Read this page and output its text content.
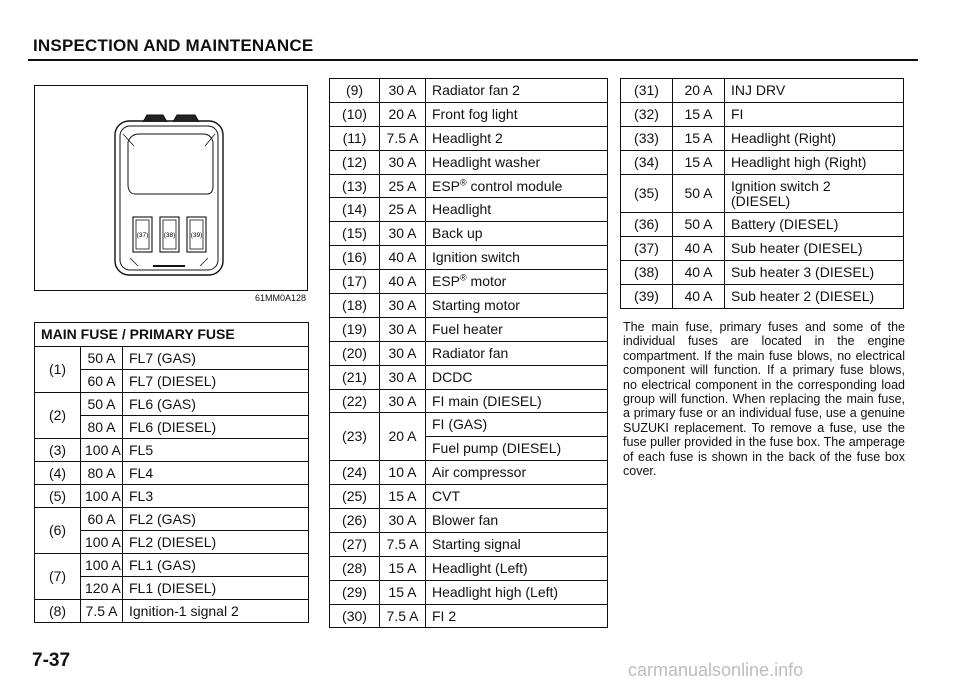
INSPECTION AND MAINTENANCE
(37) (38) (39)
61MM0A128
MAIN FUSE / PRIMARY FUSE		
(1)	50 A	FL7 (GAS)
	60 A	FL7 (DIESEL)
(2)	50 A	FL6 (GAS)
	80 A	FL6 (DIESEL)
(3)	100 A	FL5
(4)	80 A	FL4
(5)	100 A	FL3
(6)	60 A	FL2 (GAS)
	100 A	FL2 (DIESEL)
(7)	100 A	FL1 (GAS)
	120 A	FL1 (DIESEL)
(8)	7.5 A	Ignition-1 signal 2
(9)	30 A	Radiator fan 2
(10)	20 A	Front fog light
(11)	7.5 A	Headlight 2
(12)	30 A	Headlight washer
(13)	25 A	ESP® control module
(14)	25 A	Headlight
(15)	30 A	Back up
(16)	40 A	Ignition switch
(17)	40 A	ESP® motor
(18)	30 A	Starting motor
(19)	30 A	Fuel heater
(20)	30 A	Radiator fan
(21)	30 A	DCDC
(22)	30 A	FI main (DIESEL)
(23)	20 A	FI (GAS)
		Fuel pump (DIESEL)
(24)	10 A	Air compressor
(25)	15 A	CVT
(26)	30 A	Blower fan
(27)	7.5 A	Starting signal
(28)	15 A	Headlight (Left)
(29)	15 A	Headlight high (Left)
(30)	7.5 A	FI 2
(31)	20 A	INJ DRV
(32)	15 A	FI
(33)	15 A	Headlight (Right)
(34)	15 A	Headlight high (Right)
(35)	50 A	Ignition switch 2
(DIESEL)
(36)	50 A	Battery (DIESEL)
(37)	40 A	Sub heater (DIESEL)
(38)	40 A	Sub heater 3 (DIESEL)
(39)	40 A	Sub heater 2 (DIESEL)
The main fuse, primary fuses and some of the individual fuses are located in the engine compartment. If the main fuse blows, no electrical component will function. If a primary fuse blows, no electrical component in the corresponding load group will function. When replacing the main fuse, a primary fuse or an individual fuse, use a genuine SUZUKI replacement. To remove a fuse, use the fuse puller provided in the fuse box. The amperage of each fuse is shown in the back of the fuse box cover.
7-37	carmanualsonline.info
